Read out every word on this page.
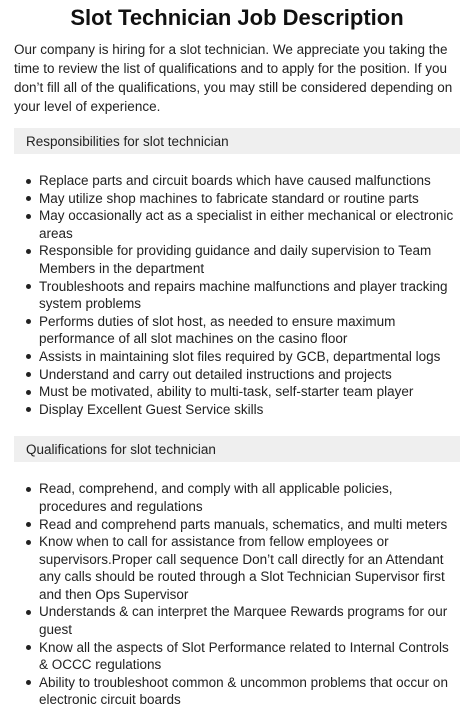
Slot Technician Job Description

Our company is hiring for a slot technician. We appreciate you taking the time to review the list of qualifications and to apply for the position. If you don’t fill all of the qualifications, you may still be considered depending on your level of experience.

Responsibilities for slot technician
Replace parts and circuit boards which have caused malfunctions
May utilize shop machines to fabricate standard or routine parts
May occasionally act as a specialist in either mechanical or electronic areas
Responsible for providing guidance and daily supervision to Team Members in the department
Troubleshoots and repairs machine malfunctions and player tracking system problems
Performs duties of slot host, as needed to ensure maximum performance of all slot machines on the casino floor
Assists in maintaining slot files required by GCB, departmental logs
Understand and carry out detailed instructions and projects
Must be motivated, ability to multi-task, self-starter team player
Display Excellent Guest Service skills
Qualifications for slot technician
Read, comprehend, and comply with all applicable policies, procedures and regulations
Read and comprehend parts manuals, schematics, and multi meters
Know when to call for assistance from fellow employees or supervisors.Proper call sequence Don’t call directly for an Attendant any calls should be routed through a Slot Technician Supervisor first and then Ops Supervisor
Understands & can interpret the Marquee Rewards programs for our guest
Know all the aspects of Slot Performance related to Internal Controls & OCCC regulations
Ability to troubleshoot common & uncommon problems that occur on electronic circuit boards
